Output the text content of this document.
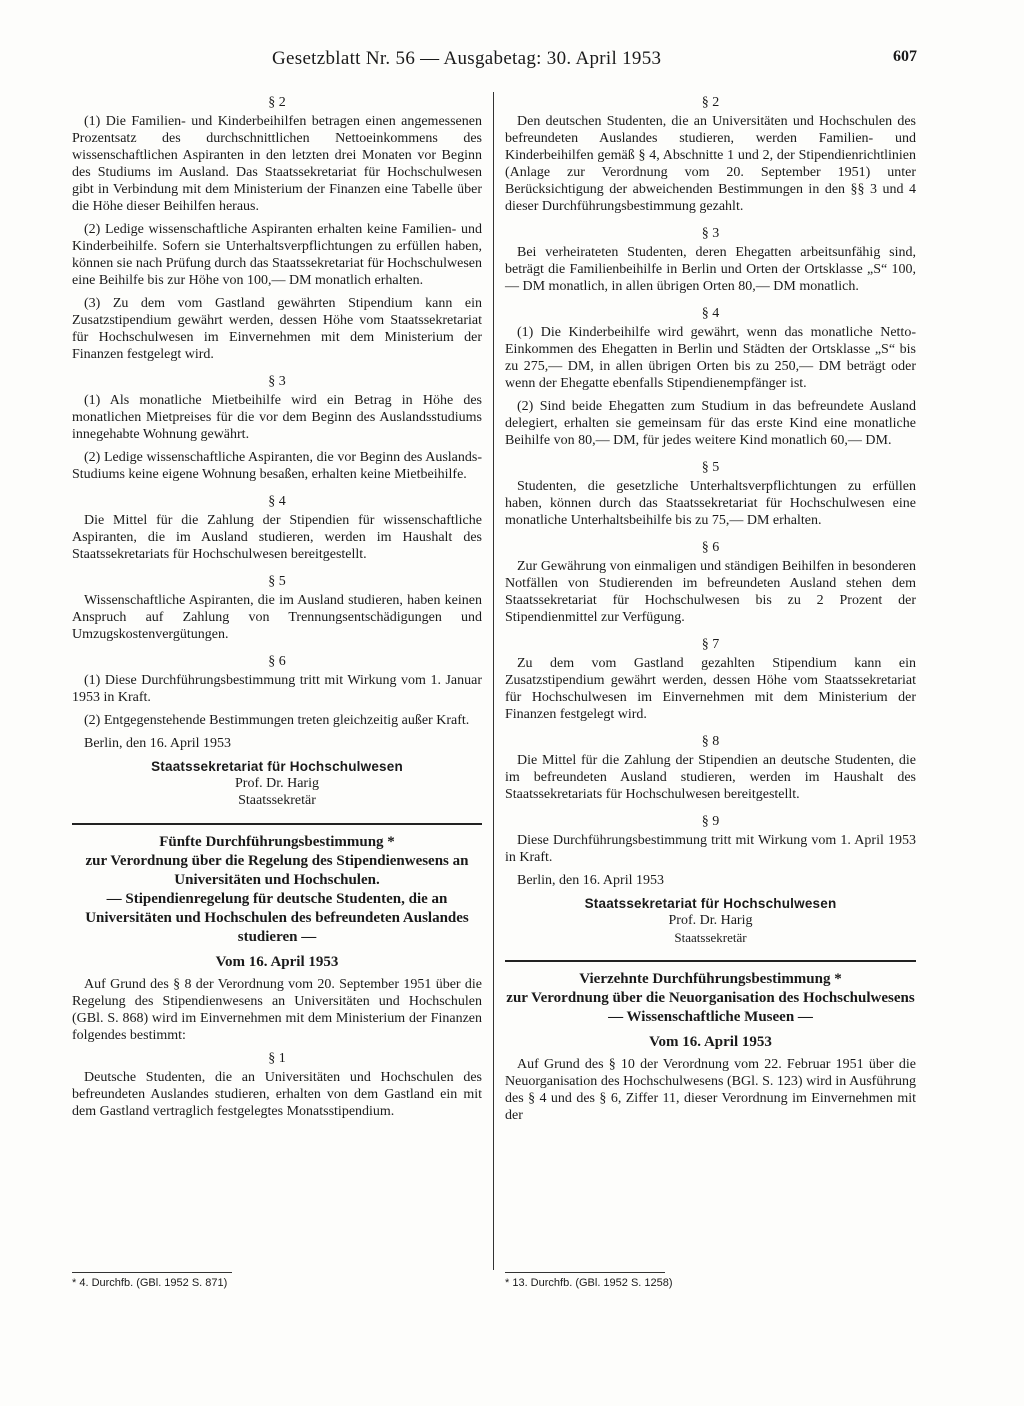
Gesetzblatt Nr. 56 — Ausgabetag: 30. April 1953	607
§ 2

(1) Die Familien- und Kinderbeihilfen betragen einen angemessenen Prozentsatz des durchschnittlichen Nettoeinkommens des wissenschaftlichen Aspiranten in den letzten drei Monaten vor Beginn des Studiums im Ausland. Das Staatssekretariat für Hochschulwesen gibt in Verbindung mit dem Ministerium der Finanzen eine Tabelle über die Höhe dieser Beihilfen heraus.

(2) Ledige wissenschaftliche Aspiranten erhalten keine Familien- und Kinderbeihilfe. Sofern sie Unterhaltsverpflichtungen zu erfüllen haben, können sie nach Prüfung durch das Staatssekretariat für Hochschulwesen eine Beihilfe bis zur Höhe von 100,— DM monatlich erhalten.

(3) Zu dem vom Gastland gewährten Stipendium kann ein Zusatzstipendium gewährt werden, dessen Höhe vom Staatssekretariat für Hochschulwesen im Einvernehmen mit dem Ministerium der Finanzen festgelegt wird.

§ 3

(1) Als monatliche Mietbeihilfe wird ein Betrag in Höhe des monatlichen Mietpreises für die vor dem Beginn des Auslandsstudiums innegehabte Wohnung gewährt.

(2) Ledige wissenschaftliche Aspiranten, die vor Beginn des Auslands-Studiums keine eigene Wohnung besaßen, erhalten keine Mietbeihilfe.

§ 4

Die Mittel für die Zahlung der Stipendien für wissenschaftliche Aspiranten, die im Ausland studieren, werden im Haushalt des Staatssekretariats für Hochschulwesen bereitgestellt.

§ 5

Wissenschaftliche Aspiranten, die im Ausland studieren, haben keinen Anspruch auf Zahlung von Trennungsentschädigungen und Umzugskostenvergütungen.

§ 6

(1) Diese Durchführungsbestimmung tritt mit Wirkung vom 1. Januar 1953 in Kraft.

(2) Entgegenstehende Bestimmungen treten gleichzeitig außer Kraft.

Berlin, den 16. April 1953
Staatssekretariat für Hochschulwesen
Prof. Dr. Harig
Staatssekretär
Fünfte Durchführungsbestimmung *
zur Verordnung über die Regelung des Stipendienwesens an Universitäten und Hochschulen.
— Stipendienregelung für deutsche Studenten, die an Universitäten und Hochschulen des befreundeten Auslandes studieren —
Vom 16. April 1953

Auf Grund des § 8 der Verordnung vom 20. September 1951 über die Regelung des Stipendienwesens an Universitäten und Hochschulen (GBl. S. 868) wird im Einvernehmen mit dem Ministerium der Finanzen folgendes bestimmt:

§ 1

Deutsche Studenten, die an Universitäten und Hochschulen des befreundeten Auslandes studieren, erhalten von dem Gastland ein mit dem Gastland vertraglich festgelegtes Monatsstipendium.

* 4. Durchfb. (GBl. 1952 S. 871)

§ 2

Den deutschen Studenten, die an Universitäten und Hochschulen des befreundeten Auslandes studieren, werden Familien- und Kinderbeihilfen gemäß § 4, Abschnitte 1 und 2, der Stipendienrichtlinien (Anlage zur Verordnung vom 20. September 1951) unter Berücksichtigung der abweichenden Bestimmungen in den §§ 3 und 4 dieser Durchführungsbestimmung gezahlt.

§ 3

Bei verheirateten Studenten, deren Ehegatten arbeitsunfähig sind, beträgt die Familienbeihilfe in Berlin und Orten der Ortsklasse „S“ 100,— DM monatlich, in allen übrigen Orten 80,— DM monatlich.

§ 4

(1) Die Kinderbeihilfe wird gewährt, wenn das monatliche Netto-Einkommen des Ehegatten in Berlin und Städten der Ortsklasse „S“ bis zu 275,— DM, in allen übrigen Orten bis zu 250,— DM beträgt oder wenn der Ehegatte ebenfalls Stipendienempfänger ist.

(2) Sind beide Ehegatten zum Studium in das befreundete Ausland delegiert, erhalten sie gemeinsam für das erste Kind eine monatliche Beihilfe von 80,— DM, für jedes weitere Kind monatlich 60,— DM.

§ 5

Studenten, die gesetzliche Unterhaltsverpflichtungen zu erfüllen haben, können durch das Staatssekretariat für Hochschulwesen eine monatliche Unterhaltsbeihilfe bis zu 75,— DM erhalten.

§ 6

Zur Gewährung von einmaligen und ständigen Beihilfen in besonderen Notfällen von Studierenden im befreundeten Ausland stehen dem Staatssekretariat für Hochschulwesen bis zu 2 Prozent der Stipendienmittel zur Verfügung.

§ 7

Zu dem vom Gastland gezahlten Stipendium kann ein Zusatzstipendium gewährt werden, dessen Höhe vom Staatssekretariat für Hochschulwesen im Einvernehmen mit dem Ministerium der Finanzen festgelegt wird.

§ 8

Die Mittel für die Zahlung der Stipendien an deutsche Studenten, die im befreundeten Ausland studieren, werden im Haushalt des Staatssekretariats für Hochschulwesen bereitgestellt.

§ 9

Diese Durchführungsbestimmung tritt mit Wirkung vom 1. April 1953 in Kraft.

Berlin, den 16. April 1953
Staatssekretariat für Hochschulwesen
Prof. Dr. Harig
Staatssekretär
Vierzehnte Durchführungsbestimmung *
zur Verordnung über die Neuorganisation des Hochschulwesens — Wissenschaftliche Museen —
Vom 16. April 1953

Auf Grund des § 10 der Verordnung vom 22. Februar 1951 über die Neuorganisation des Hochschulwesens (BGl. S. 123) wird in Ausführung des § 4 und des § 6, Ziffer 11, dieser Verordnung im Einvernehmen mit der

* 13. Durchfb. (GBl. 1952 S. 1258)
